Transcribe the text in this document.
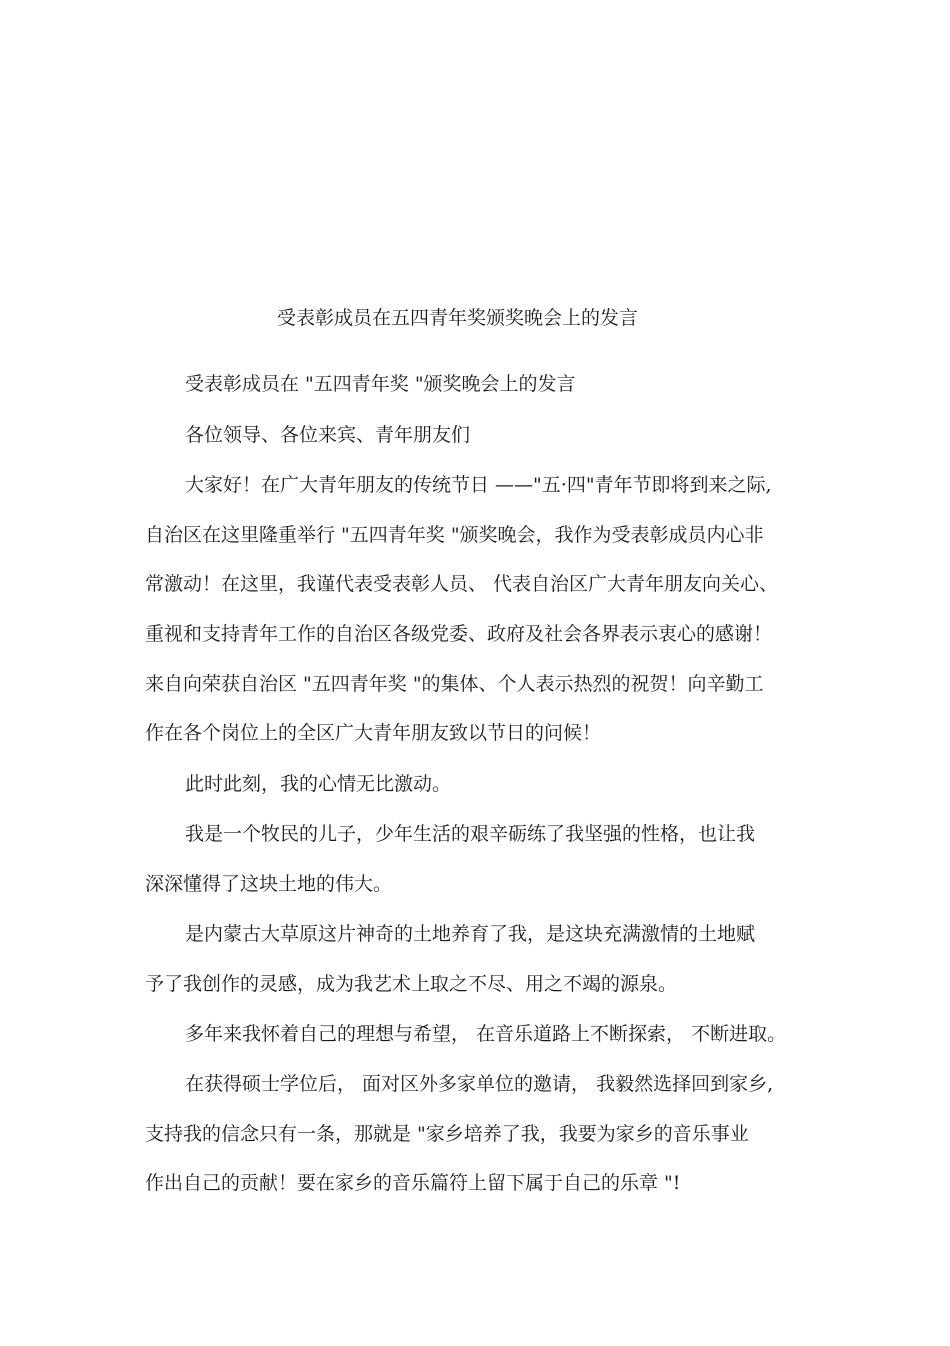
受表彰成员在五四青年奖颁奖晚会上的发言
受表彰成员在 "五四青年奖 "颁奖晚会上的发言
各位领导、各位来宾、青年朋友们
大家好！在广大青年朋友的传统节日 ——"五·四"青年节即将到来之际,
自治区在这里隆重举行 "五四青年奖 "颁奖晚会，我作为受表彰成员内心非
常激动！在这里，我谨代表受表彰人员、 代表自治区广大青年朋友向关心、
重视和支持青年工作的自治区各级党委、政府及社会各界表示衷心的感谢！
来自向荣获自治区 "五四青年奖 "的集体、个人表示热烈的祝贺！向辛勤工
作在各个岗位上的全区广大青年朋友致以节日的问候！
此时此刻，我的心情无比激动。
我是一个牧民的儿子，少年生活的艰辛砺练了我坚强的性格，也让我
深深懂得了这块土地的伟大。
是内蒙古大草原这片神奇的土地养育了我，是这块充满激情的土地赋
予了我创作的灵感，成为我艺术上取之不尽、用之不竭的源泉。
多年来我怀着自己的理想与希望， 在音乐道路上不断探索， 不断进取。
在获得硕士学位后， 面对区外多家单位的邀请， 我毅然选择回到家乡,
支持我的信念只有一条，那就是 "家乡培养了我，我要为家乡的音乐事业
作出自己的贡献！要在家乡的音乐篇符上留下属于自己的乐章 "!
